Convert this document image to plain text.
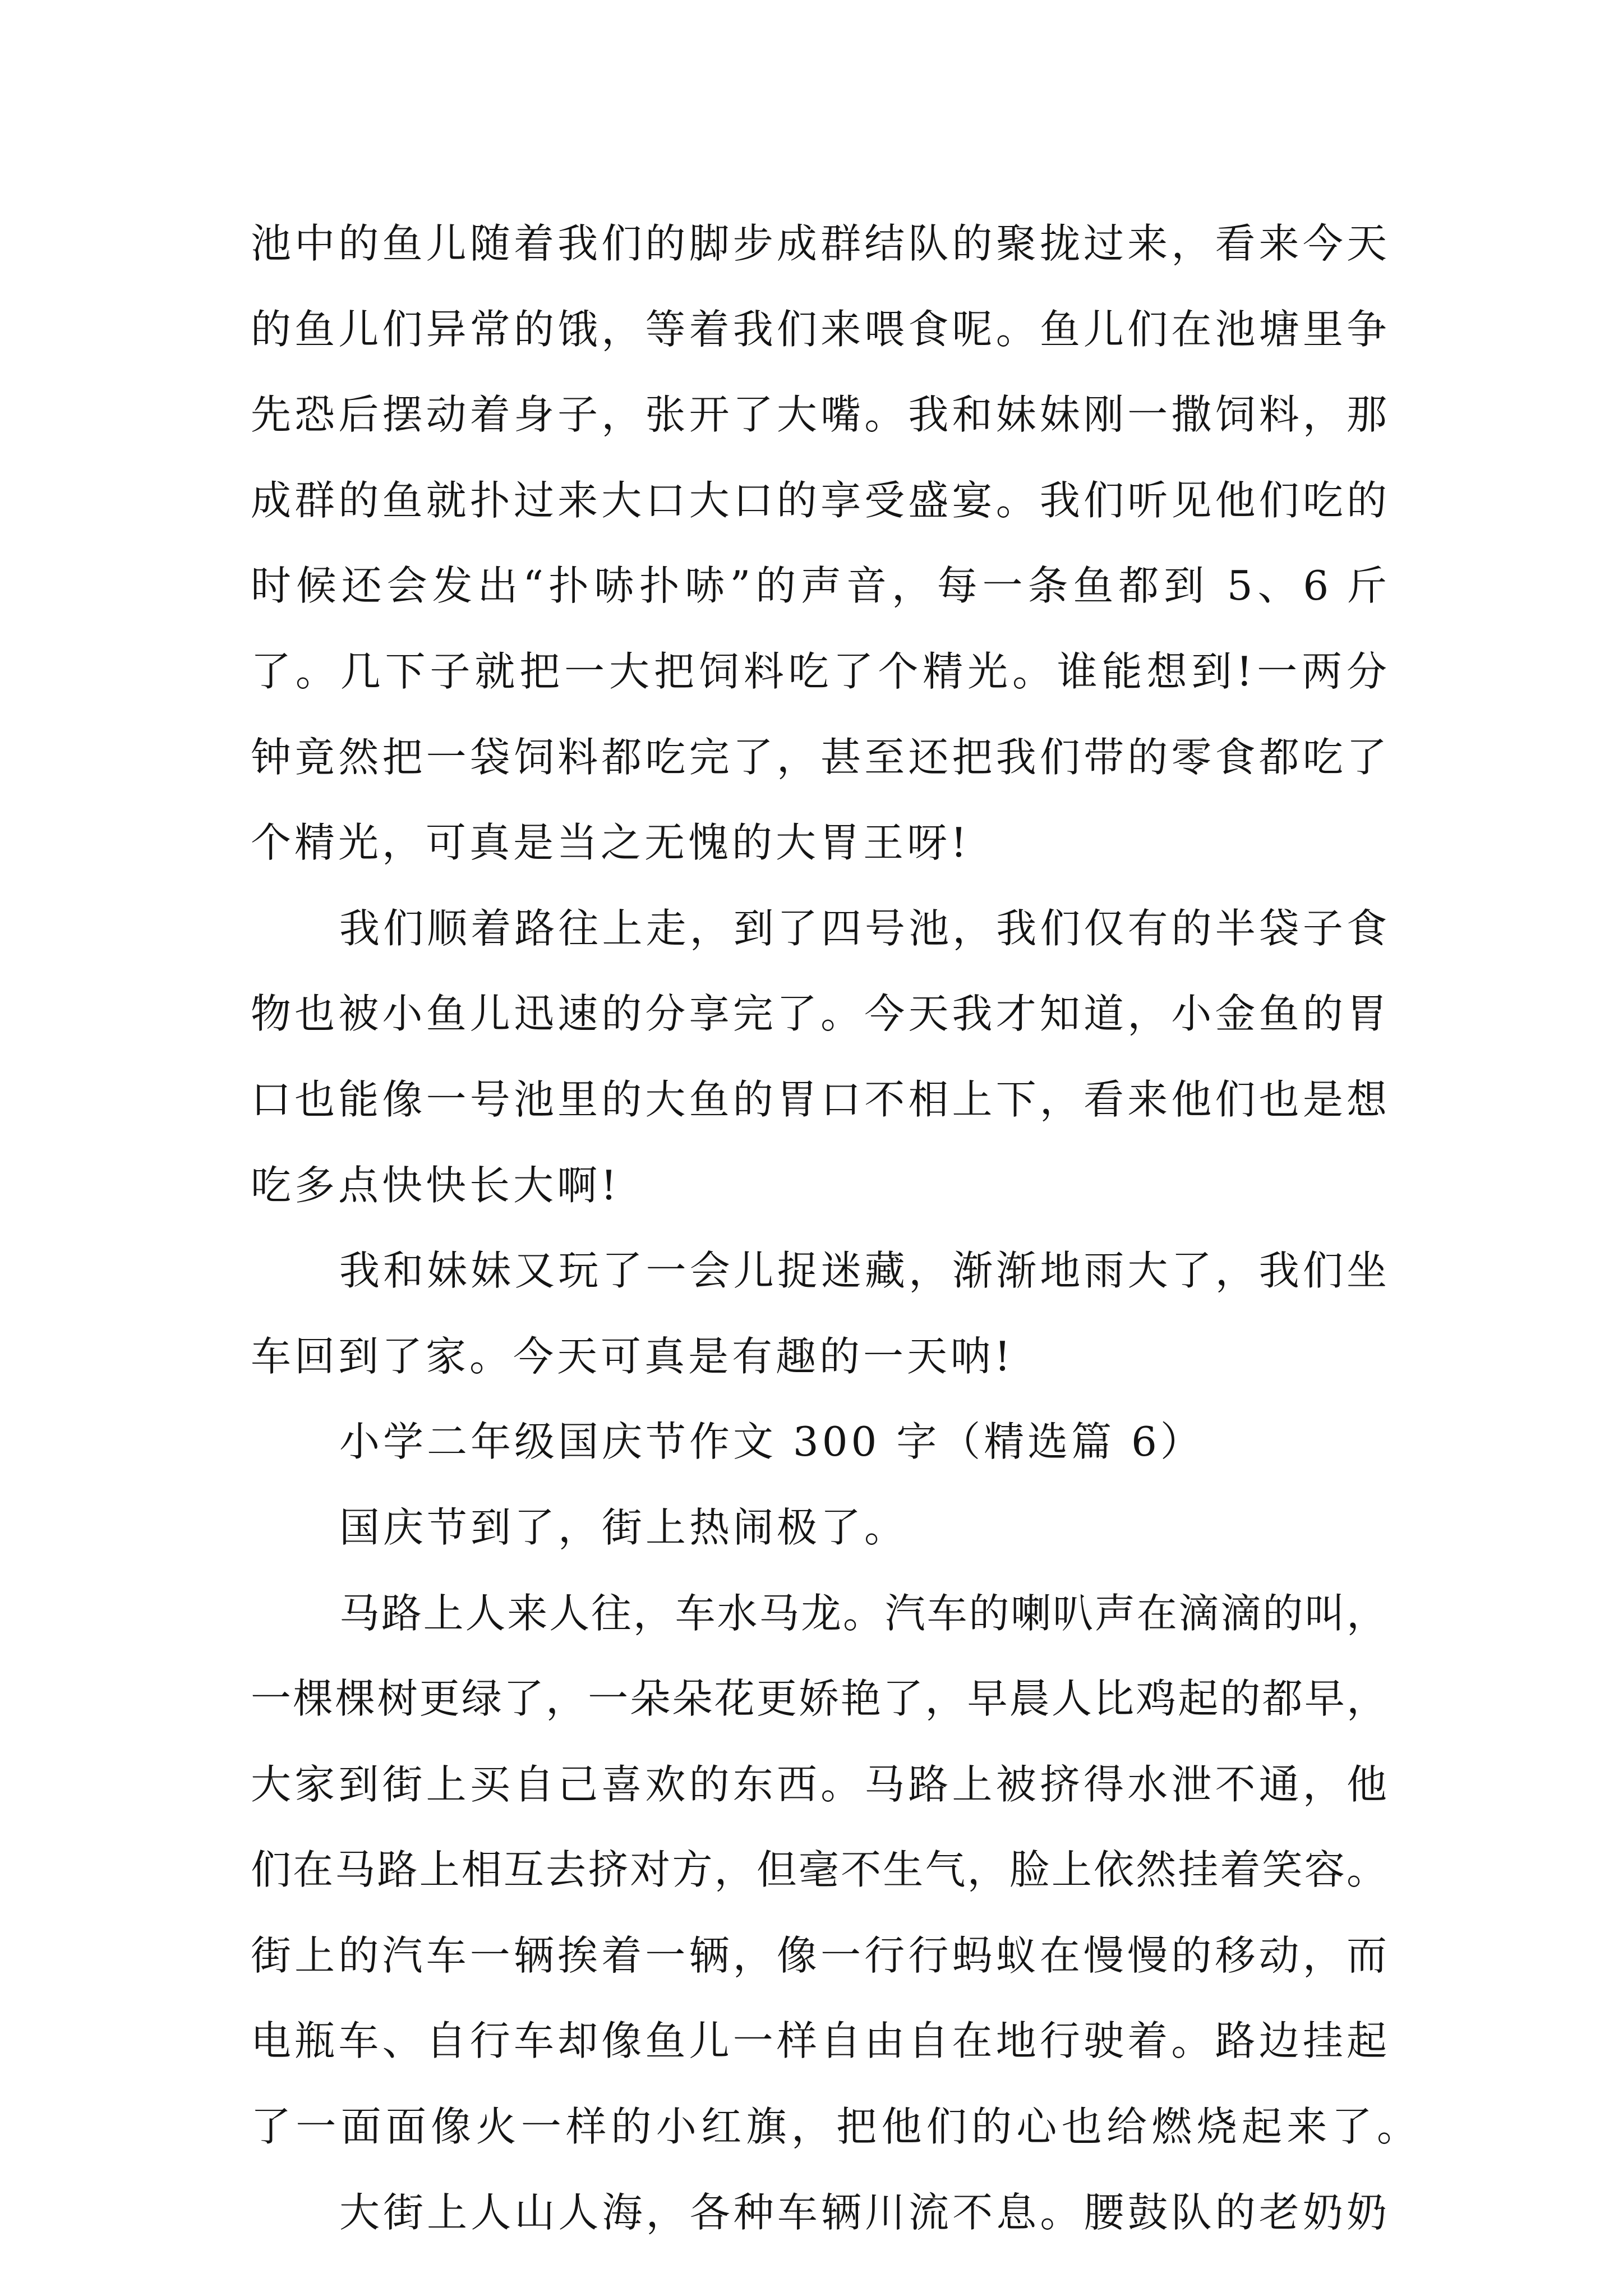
池中的鱼儿随着我们的脚步成群结队的聚拢过来，看来今天
的鱼儿们异常的饿，等着我们来喂食呢。鱼儿们在池塘里争
先恐后摆动着身子，张开了大嘴。我和妹妹刚一撒饲料，那
成群的鱼就扑过来大口大口的享受盛宴。我们听见他们吃的
时候还会发出“扑哧扑哧”的声音，每一条鱼都到 5、6 斤
了。几下子就把一大把饲料吃了个精光。谁能想到!一两分
钟竟然把一袋饲料都吃完了，甚至还把我们带的零食都吃了
个精光，可真是当之无愧的大胃王呀!
我们顺着路往上走，到了四号池，我们仅有的半袋子食
物也被小鱼儿迅速的分享完了。今天我才知道，小金鱼的胃
口也能像一号池里的大鱼的胃口不相上下，看来他们也是想
吃多点快快长大啊!
我和妹妹又玩了一会儿捉迷藏，渐渐地雨大了，我们坐
车回到了家。今天可真是有趣的一天呐!
小学二年级国庆节作文 300 字（精选篇 6）
国庆节到了，街上热闹极了。
马路上人来人往，车水马龙。汽车的喇叭声在滴滴的叫，
一棵棵树更绿了，一朵朵花更娇艳了，早晨人比鸡起的都早，
大家到街上买自己喜欢的东西。马路上被挤得水泄不通，他
们在马路上相互去挤对方，但毫不生气，脸上依然挂着笑容。
街上的汽车一辆挨着一辆，像一行行蚂蚁在慢慢的移动，而
电瓶车、自行车却像鱼儿一样自由自在地行驶着。路边挂起
了一面面像火一样的小红旗，把他们的心也给燃烧起来了。
大街上人山人海，各种车辆川流不息。腰鼓队的老奶奶
